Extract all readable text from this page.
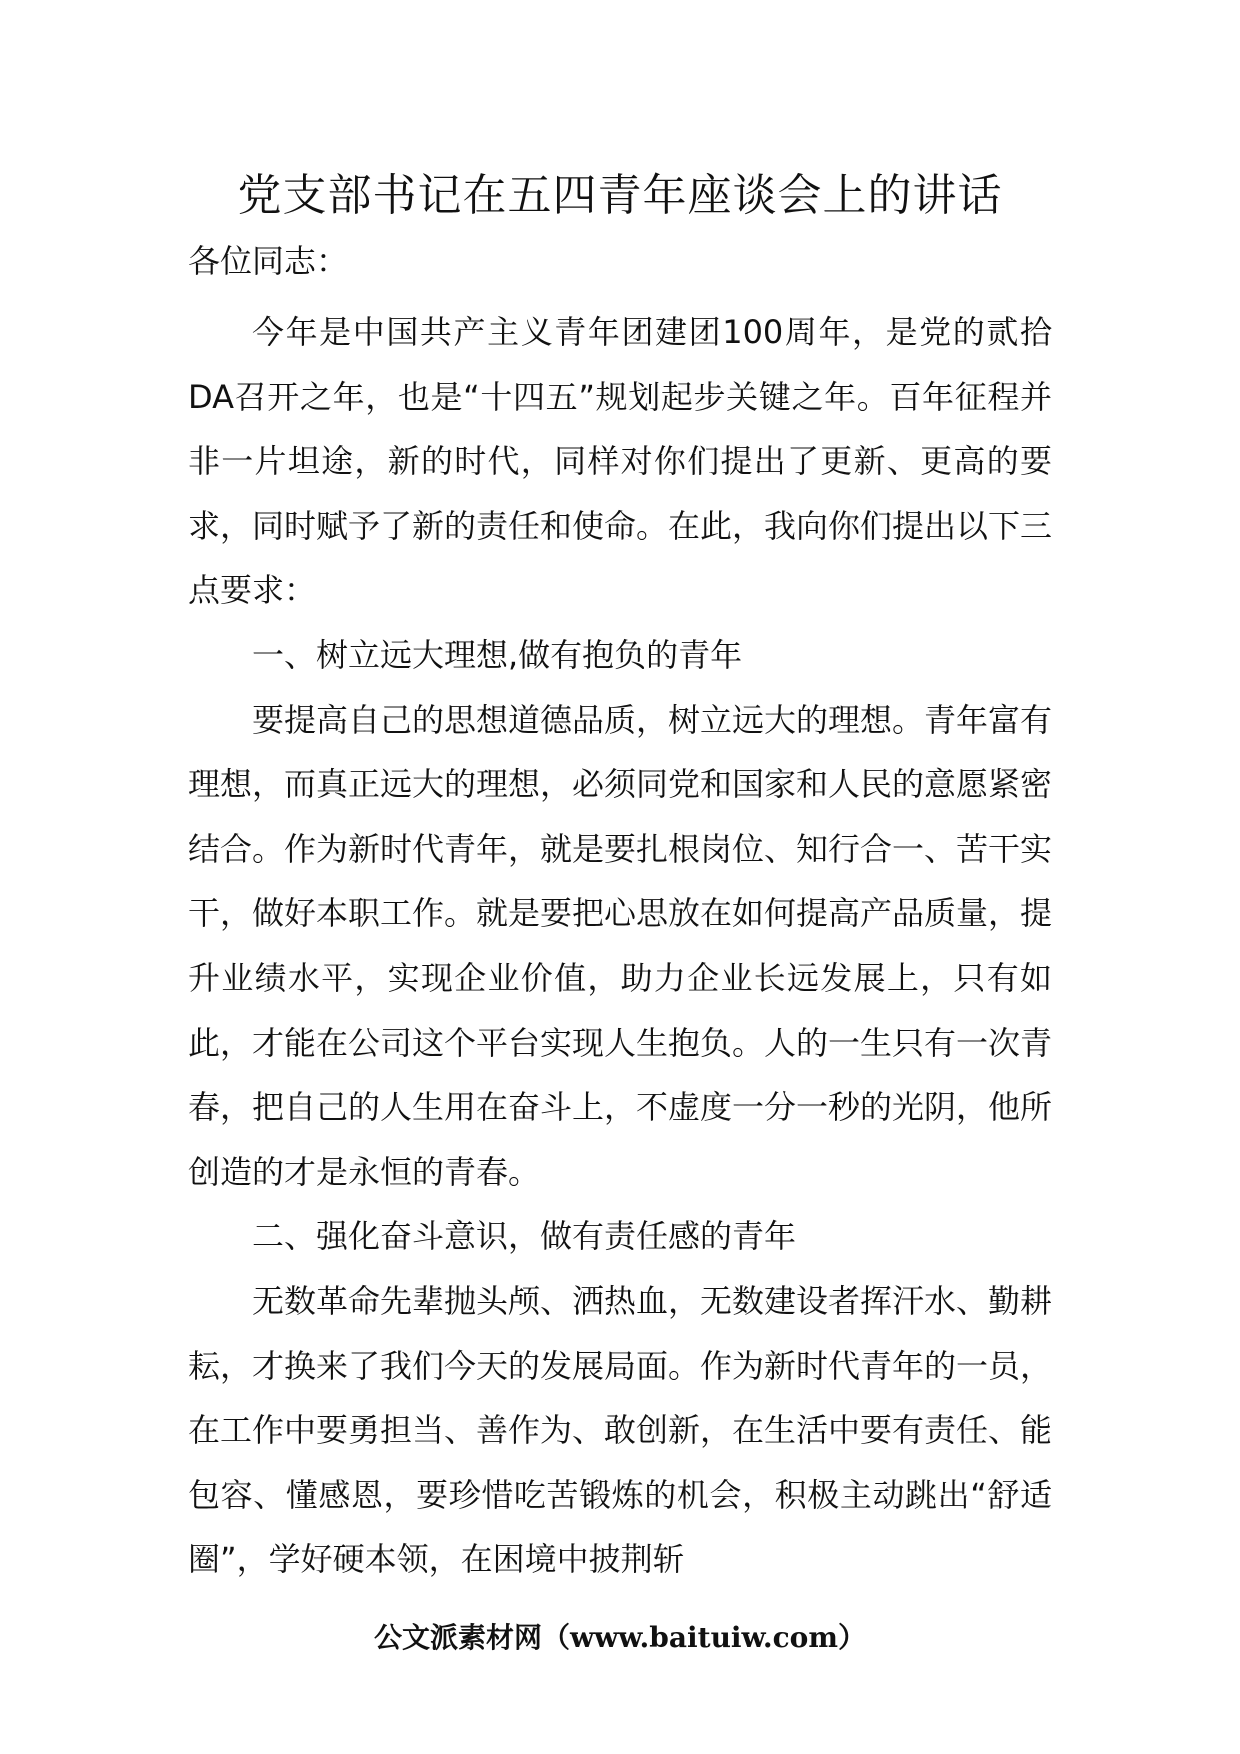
党支部书记在五四青年座谈会上的讲话
各位同志：

今年是中国共产主义青年团建团100周年，是党的贰拾DA召开之年，也是“十四五”规划起步关键之年。百年征程并非一片坦途，新的时代，同样对你们提出了更新、更高的要求，同时赋予了新的责任和使命。在此，我向你们提出以下三点要求：

一、树立远大理想,做有抱负的青年

要提高自己的思想道德品质，树立远大的理想。青年富有理想，而真正远大的理想，必须同党和国家和人民的意愿紧密结合。作为新时代青年，就是要扎根岗位、知行合一、苦干实干，做好本职工作。就是要把心思放在如何提高产品质量，提升业绩水平，实现企业价值，助力企业长远发展上，只有如此，才能在公司这个平台实现人生抱负。人的一生只有一次青春，把自己的人生用在奋斗上，不虚度一分一秒的光阴，他所创造的才是永恒的青春。

二、强化奋斗意识，做有责任感的青年

无数革命先辈抛头颅、洒热血，无数建设者挥汗水、勤耕耘，才换来了我们今天的发展局面。作为新时代青年的一员，在工作中要勇担当、善作为、敢创新，在生活中要有责任、能包容、懂感恩，要珍惜吃苦锻炼的机会，积极主动跳出“舒适圈”，学好硬本领，在困境中披荆斩

公文派素材网（www.baituiw.com）
